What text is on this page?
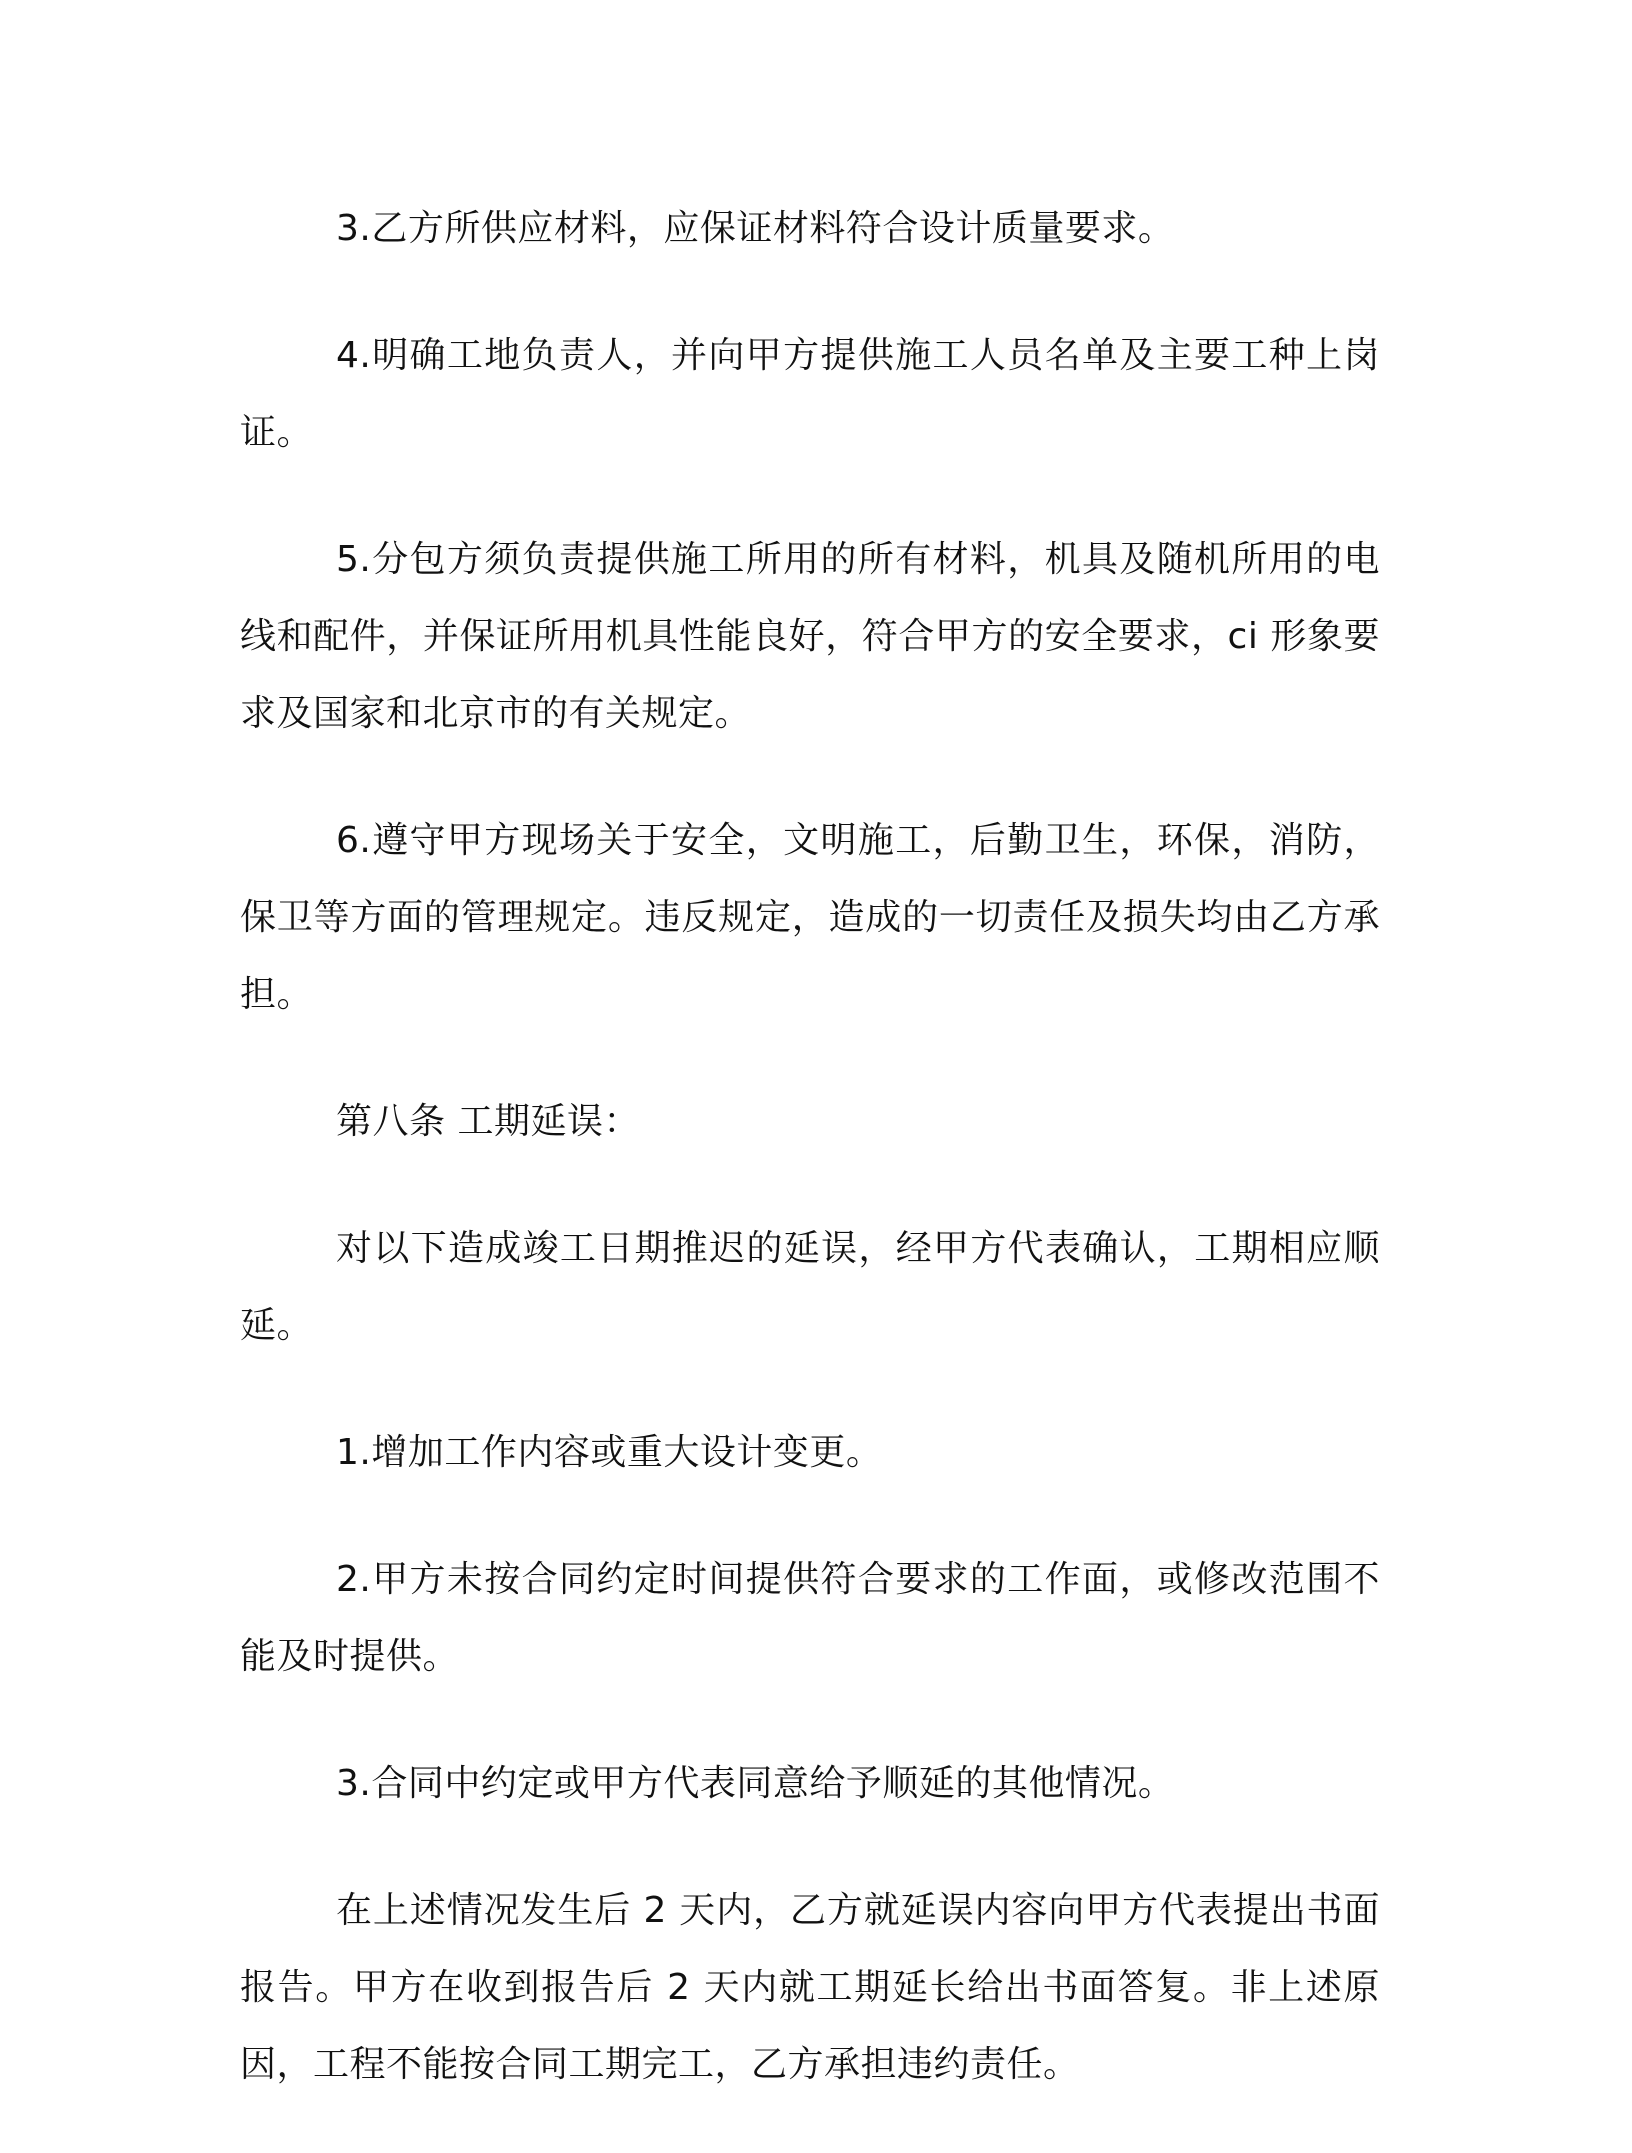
3.乙方所供应材料，应保证材料符合设计质量要求。

4.明确工地负责人，并向甲方提供施工人员名单及主要工种上岗证。

5.分包方须负责提供施工所用的所有材料，机具及随机所用的电线和配件，并保证所用机具性能良好，符合甲方的安全要求，ci 形象要求及国家和北京市的有关规定。

6.遵守甲方现场关于安全，文明施工，后勤卫生，环保，消防，保卫等方面的管理规定。违反规定，造成的一切责任及损失均由乙方承担。

第八条 工期延误：

对以下造成竣工日期推迟的延误，经甲方代表确认，工期相应顺延。

1.增加工作内容或重大设计变更。

2.甲方未按合同约定时间提供符合要求的工作面，或修改范围不能及时提供。

3.合同中约定或甲方代表同意给予顺延的其他情况。

在上述情况发生后 2 天内，乙方就延误内容向甲方代表提出书面报告。甲方在收到报告后 2 天内就工期延长给出书面答复。非上述原因，工程不能按合同工期完工，乙方承担违约责任。
